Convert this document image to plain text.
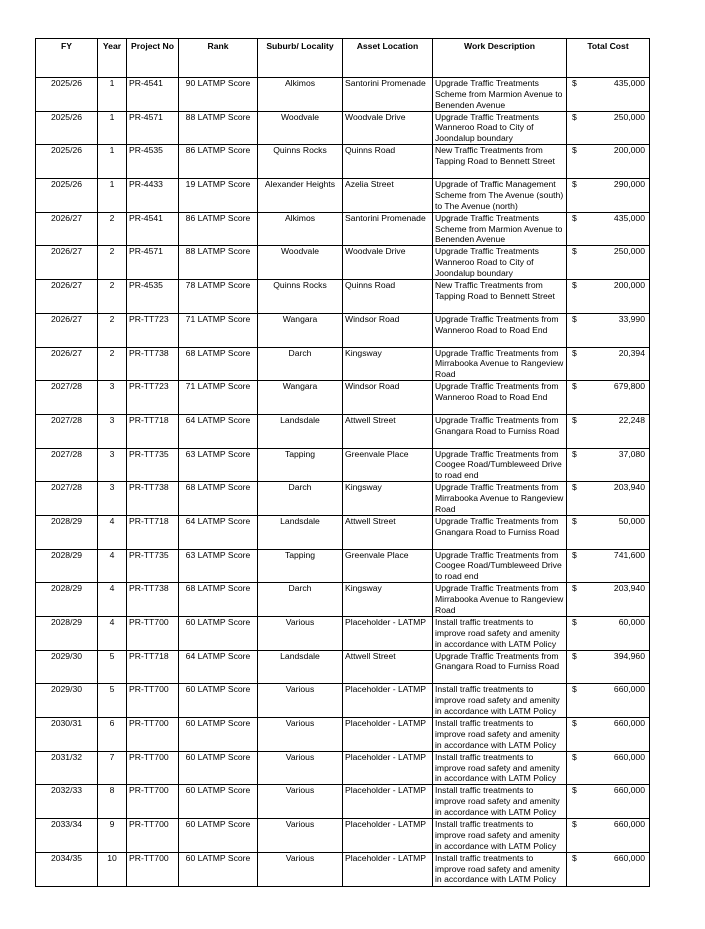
FY	Year	Project No	Rank	Suburb/ Locality	Asset Location	Work Description	Total Cost
2025/26	1	PR-4541	90 LATMP Score	Alkimos	Santorini Promenade	Upgrade Traffic Treatments Scheme from Marmion Avenue to Benenden Avenue	$ 435,000

2025/26	1	PR-4571	88 LATMP Score	Woodvale	Woodvale Drive	Upgrade Traffic Treatments Wanneroo Road to City of Joondalup boundary	$ 250,000

2025/26	1	PR-4535	86 LATMP Score	Quinns Rocks	Quinns Road	New Traffic Treatments from Tapping Road to Bennett Street	$ 200,000

2025/26	1	PR-4433	19 LATMP Score	Alexander Heights	Azelia Street	Upgrade of Traffic Management Scheme from The Avenue (south) to The Avenue (north)	$ 290,000

2026/27	2	PR-4541	86 LATMP Score	Alkimos	Santorini Promenade	Upgrade Traffic Treatments Scheme from Marmion Avenue to Benenden Avenue	$ 435,000

2026/27	2	PR-4571	88 LATMP Score	Woodvale	Woodvale Drive	Upgrade Traffic Treatments Wanneroo Road to City of Joondalup boundary	$ 250,000

2026/27	2	PR-4535	78 LATMP Score	Quinns Rocks	Quinns Road	New Traffic Treatments from Tapping Road to Bennett Street	$ 200,000

2026/27	2	PR-TT723	71 LATMP Score	Wangara	Windsor Road	Upgrade Traffic Treatments from Wanneroo Road to Road End	$ 33,990

2026/27	2	PR-TT738	68 LATMP Score	Darch	Kingsway	Upgrade Traffic Treatments from Mirrabooka Avenue to Rangeview Road	$ 20,394

2027/28	3	PR-TT723	71 LATMP Score	Wangara	Windsor Road	Upgrade Traffic Treatments from Wanneroo Road to Road End	$ 679,800

2027/28	3	PR-TT718	64 LATMP Score	Landsdale	Attwell Street	Upgrade Traffic Treatments from Gnangara Road to Furniss Road	$ 22,248

2027/28	3	PR-TT735	63 LATMP Score	Tapping	Greenvale Place	Upgrade Traffic Treatments from Coogee Road/Tumbleweed Drive to road end	$ 37,080

2027/28	3	PR-TT738	68 LATMP Score	Darch	Kingsway	Upgrade Traffic Treatments from Mirrabooka Avenue to Rangeview Road	$ 203,940

2028/29	4	PR-TT718	64 LATMP Score	Landsdale	Attwell Street	Upgrade Traffic Treatments from Gnangara Road to Furniss Road	$ 50,000

2028/29	4	PR-TT735	63 LATMP Score	Tapping	Greenvale Place	Upgrade Traffic Treatments from Coogee Road/Tumbleweed Drive to road end	$ 741,600

2028/29	4	PR-TT738	68 LATMP Score	Darch	Kingsway	Upgrade Traffic Treatments from Mirrabooka Avenue to Rangeview Road	$ 203,940

2028/29	4	PR-TT700	60 LATMP Score	Various	Placeholder - LATMP	Install traffic treatments to improve road safety and amenity in accordance with LATM Policy	$ 60,000

2029/30	5	PR-TT718	64 LATMP Score	Landsdale	Attwell Street	Upgrade Traffic Treatments from Gnangara Road to Furniss Road	$ 394,960

2029/30	5	PR-TT700	60 LATMP Score	Various	Placeholder - LATMP	Install traffic treatments to improve road safety and amenity in accordance with LATM Policy	$ 660,000

2030/31	6	PR-TT700	60 LATMP Score	Various	Placeholder - LATMP	Install traffic treatments to improve road safety and amenity in accordance with LATM Policy	$ 660,000

2031/32	7	PR-TT700	60 LATMP Score	Various	Placeholder - LATMP	Install traffic treatments to improve road safety and amenity in accordance with LATM Policy	$ 660,000

2032/33	8	PR-TT700	60 LATMP Score	Various	Placeholder - LATMP	Install traffic treatments to improve road safety and amenity in accordance with LATM Policy	$ 660,000

2033/34	9	PR-TT700	60 LATMP Score	Various	Placeholder - LATMP	Install traffic treatments to improve road safety and amenity in accordance with LATM Policy	$ 660,000

2034/35	10	PR-TT700	60 LATMP Score	Various	Placeholder - LATMP	Install traffic treatments to improve road safety and amenity in accordance with LATM Policy	$ 660,000
